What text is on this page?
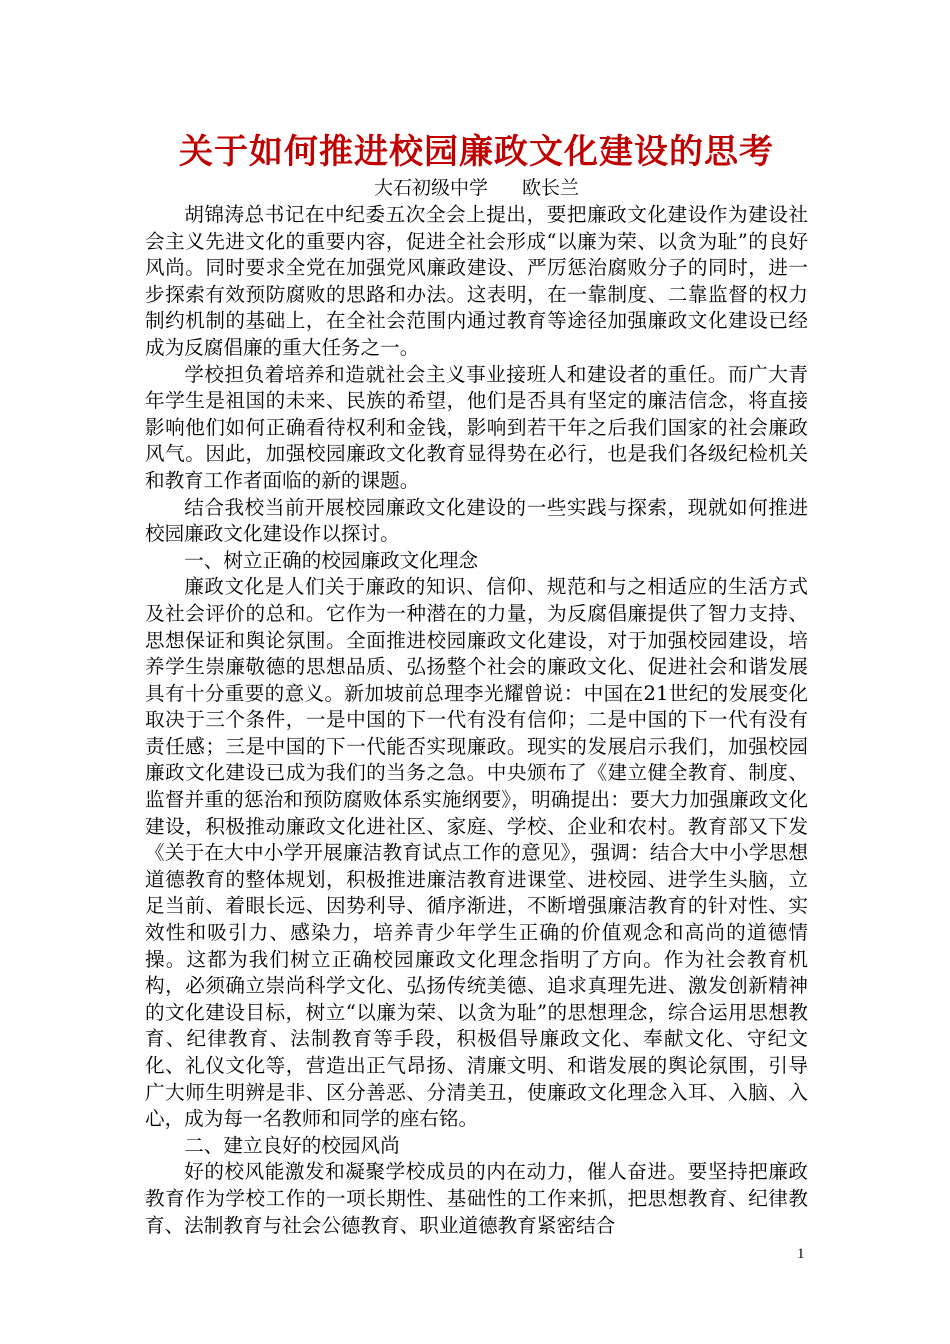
关于如何推进校园廉政文化建设的思考
大石初级中学 欧长兰

胡锦涛总书记在中纪委五次全会上提出，要把廉政文化建设作为建设社会主义先进文化的重要内容，促进全社会形成“以廉为荣、以贪为耻”的良好风尚。同时要求全党在加强党风廉政建设、严厉惩治腐败分子的同时，进一步探索有效预防腐败的思路和办法。这表明，在一靠制度、二靠监督的权力制约机制的基础上，在全社会范围内通过教育等途径加强廉政文化建设已经成为反腐倡廉的重大任务之一。

学校担负着培养和造就社会主义事业接班人和建设者的重任。而广大青年学生是祖国的未来、民族的希望，他们是否具有坚定的廉洁信念，将直接影响他们如何正确看待权利和金钱，影响到若干年之后我们国家的社会廉政风气。因此，加强校园廉政文化教育显得势在必行，也是我们各级纪检机关和教育工作者面临的新的课题。

结合我校当前开展校园廉政文化建设的一些实践与探索，现就如何推进校园廉政文化建设作以探讨。

一、树立正确的校园廉政文化理念

廉政文化是人们关于廉政的知识、信仰、规范和与之相适应的生活方式及社会评价的总和。它作为一种潜在的力量，为反腐倡廉提供了智力支持、思想保证和舆论氛围。全面推进校园廉政文化建设，对于加强校园建设，培养学生崇廉敬德的思想品质、弘扬整个社会的廉政文化、促进社会和谐发展具有十分重要的意义。新加坡前总理李光耀曾说：中国在21世纪的发展变化取决于三个条件，一是中国的下一代有没有信仰；二是中国的下一代有没有责任感；三是中国的下一代能否实现廉政。现实的发展启示我们，加强校园廉政文化建设已成为我们的当务之急。中央颁布了《建立健全教育、制度、监督并重的惩治和预防腐败体系实施纲要》，明确提出：要大力加强廉政文化建设，积极推动廉政文化进社区、家庭、学校、企业和农村。教育部又下发《关于在大中小学开展廉洁教育试点工作的意见》，强调：结合大中小学思想道德教育的整体规划，积极推进廉洁教育进课堂、进校园、进学生头脑，立足当前、着眼长远、因势利导、循序渐进，不断增强廉洁教育的针对性、实效性和吸引力、感染力，培养青少年学生正确的价值观念和高尚的道德情操。这都为我们树立正确校园廉政文化理念指明了方向。作为社会教育机构，必须确立崇尚科学文化、弘扬传统美德、追求真理先进、激发创新精神的文化建设目标，树立“以廉为荣、以贪为耻”的思想理念，综合运用思想教育、纪律教育、法制教育等手段，积极倡导廉政文化、奉献文化、守纪文化、礼仪文化等，营造出正气昂扬、清廉文明、和谐发展的舆论氛围，引导广大师生明辨是非、区分善恶、分清美丑，使廉政文化理念入耳、入脑、入心，成为每一名教师和同学的座右铭。

二、建立良好的校园风尚

好的校风能激发和凝聚学校成员的内在动力，催人奋进。要坚持把廉政教育作为学校工作的一项长期性、基础性的工作来抓，把思想教育、纪律教育、法制教育与社会公德教育、职业道德教育紧密结合

1
